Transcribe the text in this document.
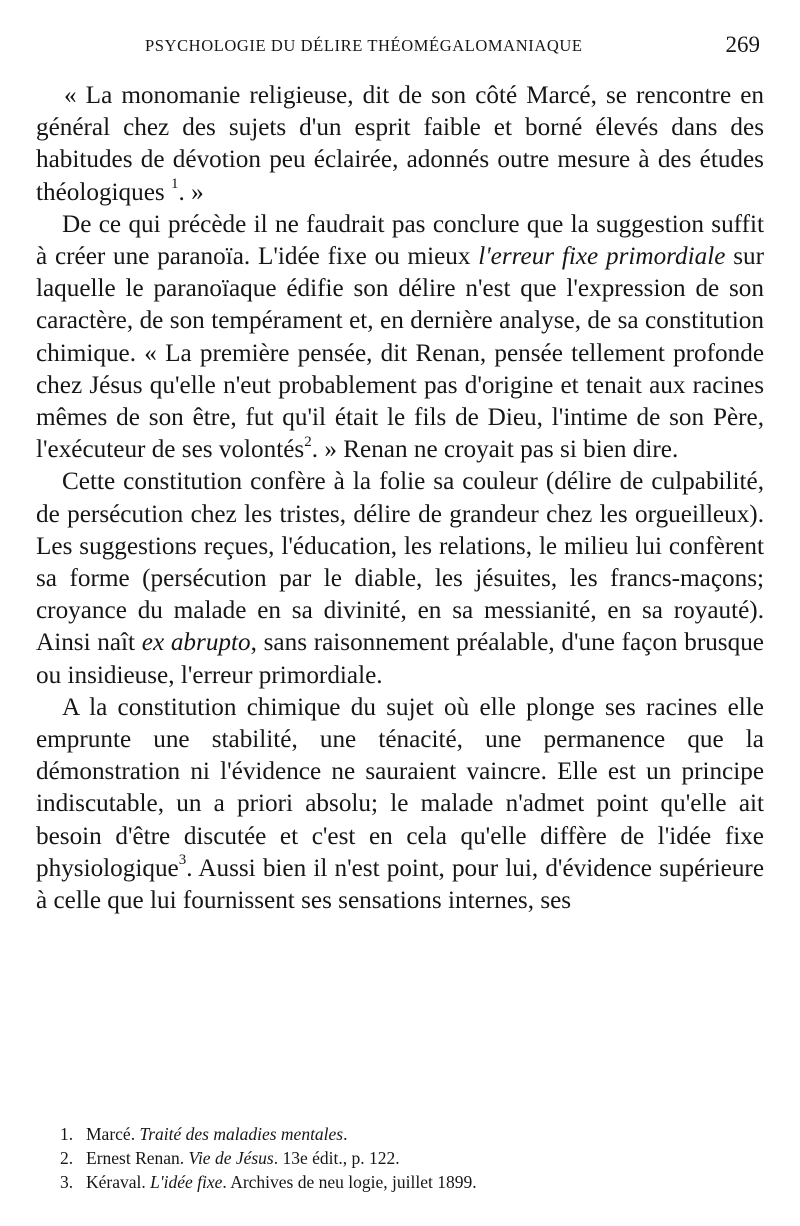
PSYCHOLOGIE DU DÉLIRE THÉOMÉGALOMANIAQUE	269

« La monomanie religieuse, dit de son côté Marcé, se rencontre en général chez des sujets d'un esprit faible et borné élevés dans des habitudes de dévotion peu éclairée, adonnés outre mesure à des études théologiques $^1$. »

De ce qui précède il ne faudrait pas conclure que la suggestion suffit à créer une paranoïa. L'idée fixe ou mieux l'erreur fixe primordiale sur laquelle le paranoïaque édifie son délire n'est que l'expression de son caractère, de son tempérament et, en dernière analyse, de sa constitution chimique. « La première pensée, dit Renan, pensée tellement profonde chez Jésus qu'elle n'eut probablement pas d'origine et tenait aux racines mêmes de son être, fut qu'il était le fils de Dieu, l'intime de son Père, l'exécuteur de ses volontés$^2$. » Renan ne croyait pas si bien dire.

Cette constitution confère à la folie sa couleur (délire de culpabilité, de persécution chez les tristes, délire de grandeur chez les orgueilleux). Les suggestions reçues, l'éducation, les relations, le milieu lui confèrent sa forme (persécution par le diable, les jésuites, les francs-maçons; croyance du malade en sa divinité, en sa messianité, en sa royauté). Ainsi naît ex abrupto, sans raisonnement préalable, d'une façon brusque ou insidieuse, l'erreur primordiale.

A la constitution chimique du sujet où elle plonge ses racines elle emprunte une stabilité, une ténacité, une permanence que la démonstration ni l'évidence ne sauraient vaincre. Elle est un principe indiscutable, un a priori absolu; le malade n'admet point qu'elle ait besoin d'être discutée et c'est en cela qu'elle diffère de l'idée fixe physiologique$^3$. Aussi bien il n'est point, pour lui, d'évidence supérieure à celle que lui fournissent ses sensations internes, ses

1. Marcé. Traité des maladies mentales.

2. Ernest Renan. Vie de Jésus. 13e édit., p. 122.

3. Kéraval. L'idée fixe. Archives de neu logie, juillet 1899.
